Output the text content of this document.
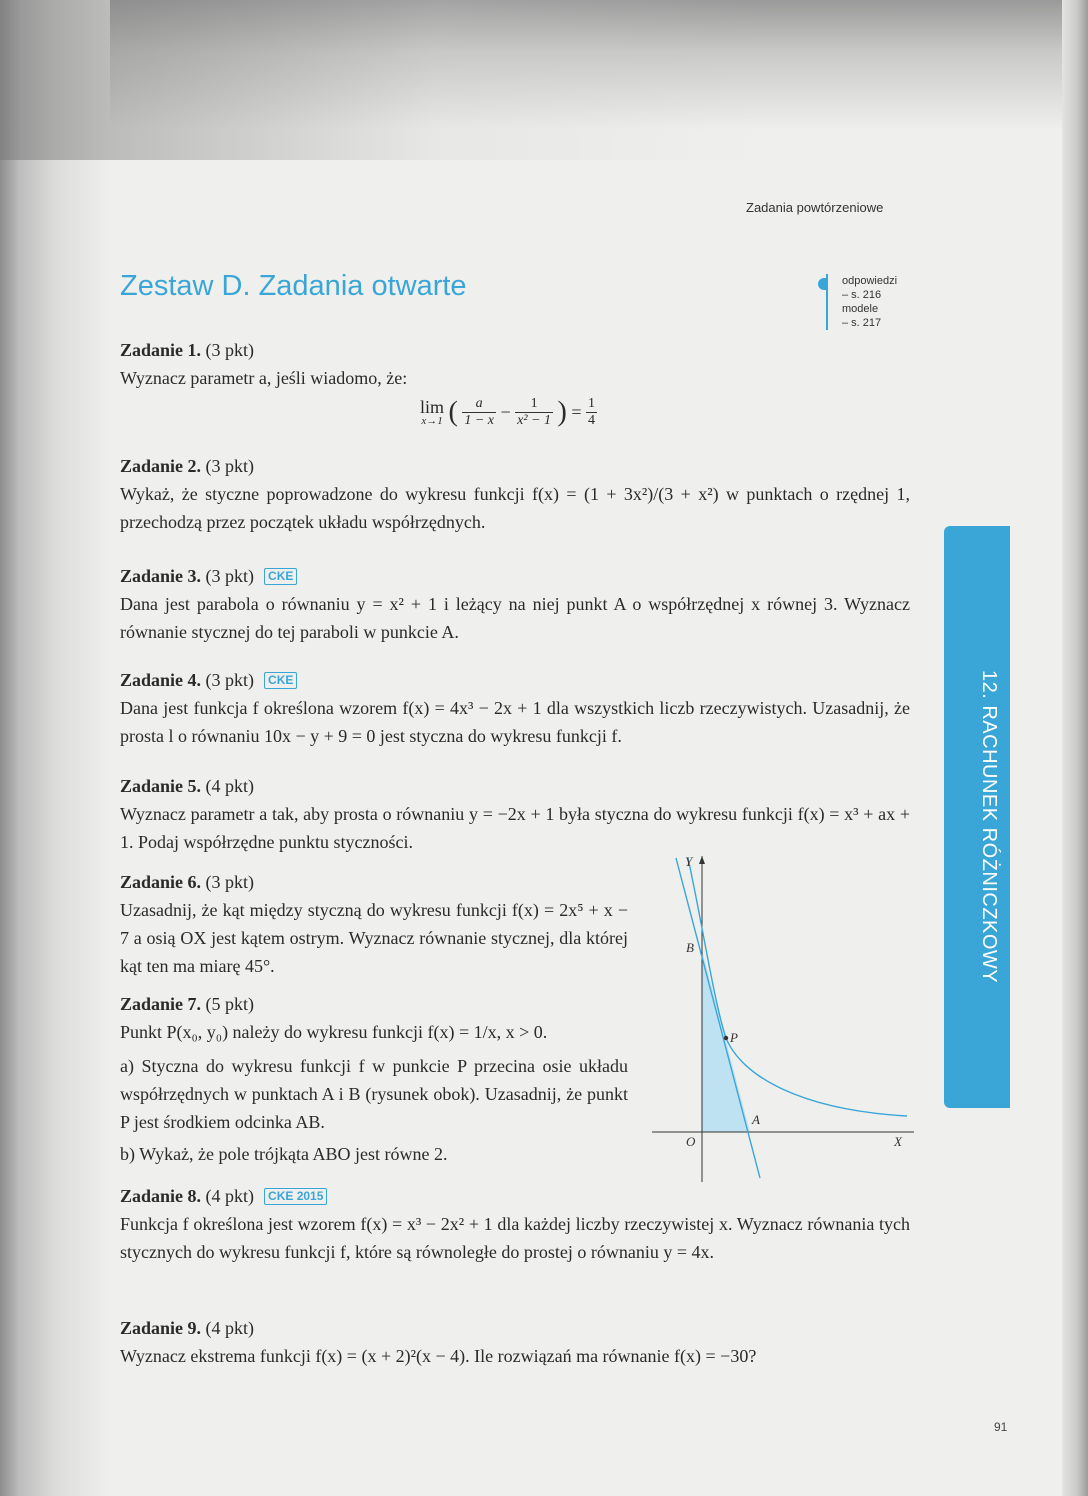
Zadania powtórzeniowe
Zestaw D. Zadania otwarte	odpowiedzi
– s. 216
modele
– s. 217
12. RACHUNEK RÓŻNICZKOWY
Zadanie 1. (3 pkt)
Wyznacz parametr a, jeśli wiadomo, że:
lim
x→1 ( $\frac{a}{1 - x} - \frac{1}{\text{x² − 1}}$ ) = $\frac{1}{4}$
Zadanie 2. (3 pkt)
Wykaż, że styczne poprowadzone do wykresu funkcji f(x) = (1 + 3x²)/(3 + x²) w punktach o rzędnej 1, przechodzą przez początek układu współrzędnych.
Zadanie 3. (3 pkt) CKE
Dana jest parabola o równaniu y = x² + 1 i leżący na niej punkt A o współrzędnej x równej 3. Wyznacz równanie stycznej do tej paraboli w punkcie A.
Zadanie 4. (3 pkt) CKE
Dana jest funkcja f określona wzorem f(x) = 4x³ − 2x + 1 dla wszystkich liczb rzeczywistych. Uzasadnij, że prosta l o równaniu 10x − y + 9 = 0 jest styczna do wykresu funkcji f.
Zadanie 5. (4 pkt)
Wyznacz parametr a tak, aby prosta o równaniu y = −2x + 1 była styczna do wykresu funkcji f(x) = x³ + ax + 1. Podaj współrzędne punktu styczności.
Zadanie 6. (3 pkt)
Uzasadnij, że kąt między styczną do wykresu funkcji f(x) = 2x⁵ + x − 7 a osią OX jest kątem ostrym. Wyznacz równanie stycznej, dla której kąt ten ma miarę 45°.
Zadanie 7. (5 pkt)
Punkt P(x₀, y₀) należy do wykresu funkcji f(x) = 1/x, x > 0.
a) Styczna do wykresu funkcji f w punkcie P przecina osie układu współrzędnych w punktach A i B (rysunek obok). Uzasadnij, że punkt P jest środkiem odcinka AB.
b) Wykaż, że pole trójkąta ABO jest równe 2.
Y
X
O
A
B
P
Zadanie 8. (4 pkt) CKE 2015
Funkcja f określona jest wzorem f(x) = x³ − 2x² + 1 dla każdej liczby rzeczywistej x. Wyznacz równania tych stycznych do wykresu funkcji f, które są równoległe do prostej o równaniu y = 4x.
Zadanie 9. (4 pkt)
Wyznacz ekstrema funkcji f(x) = (x + 2)²(x − 4). Ile rozwiązań ma równanie f(x) = −30?
91
